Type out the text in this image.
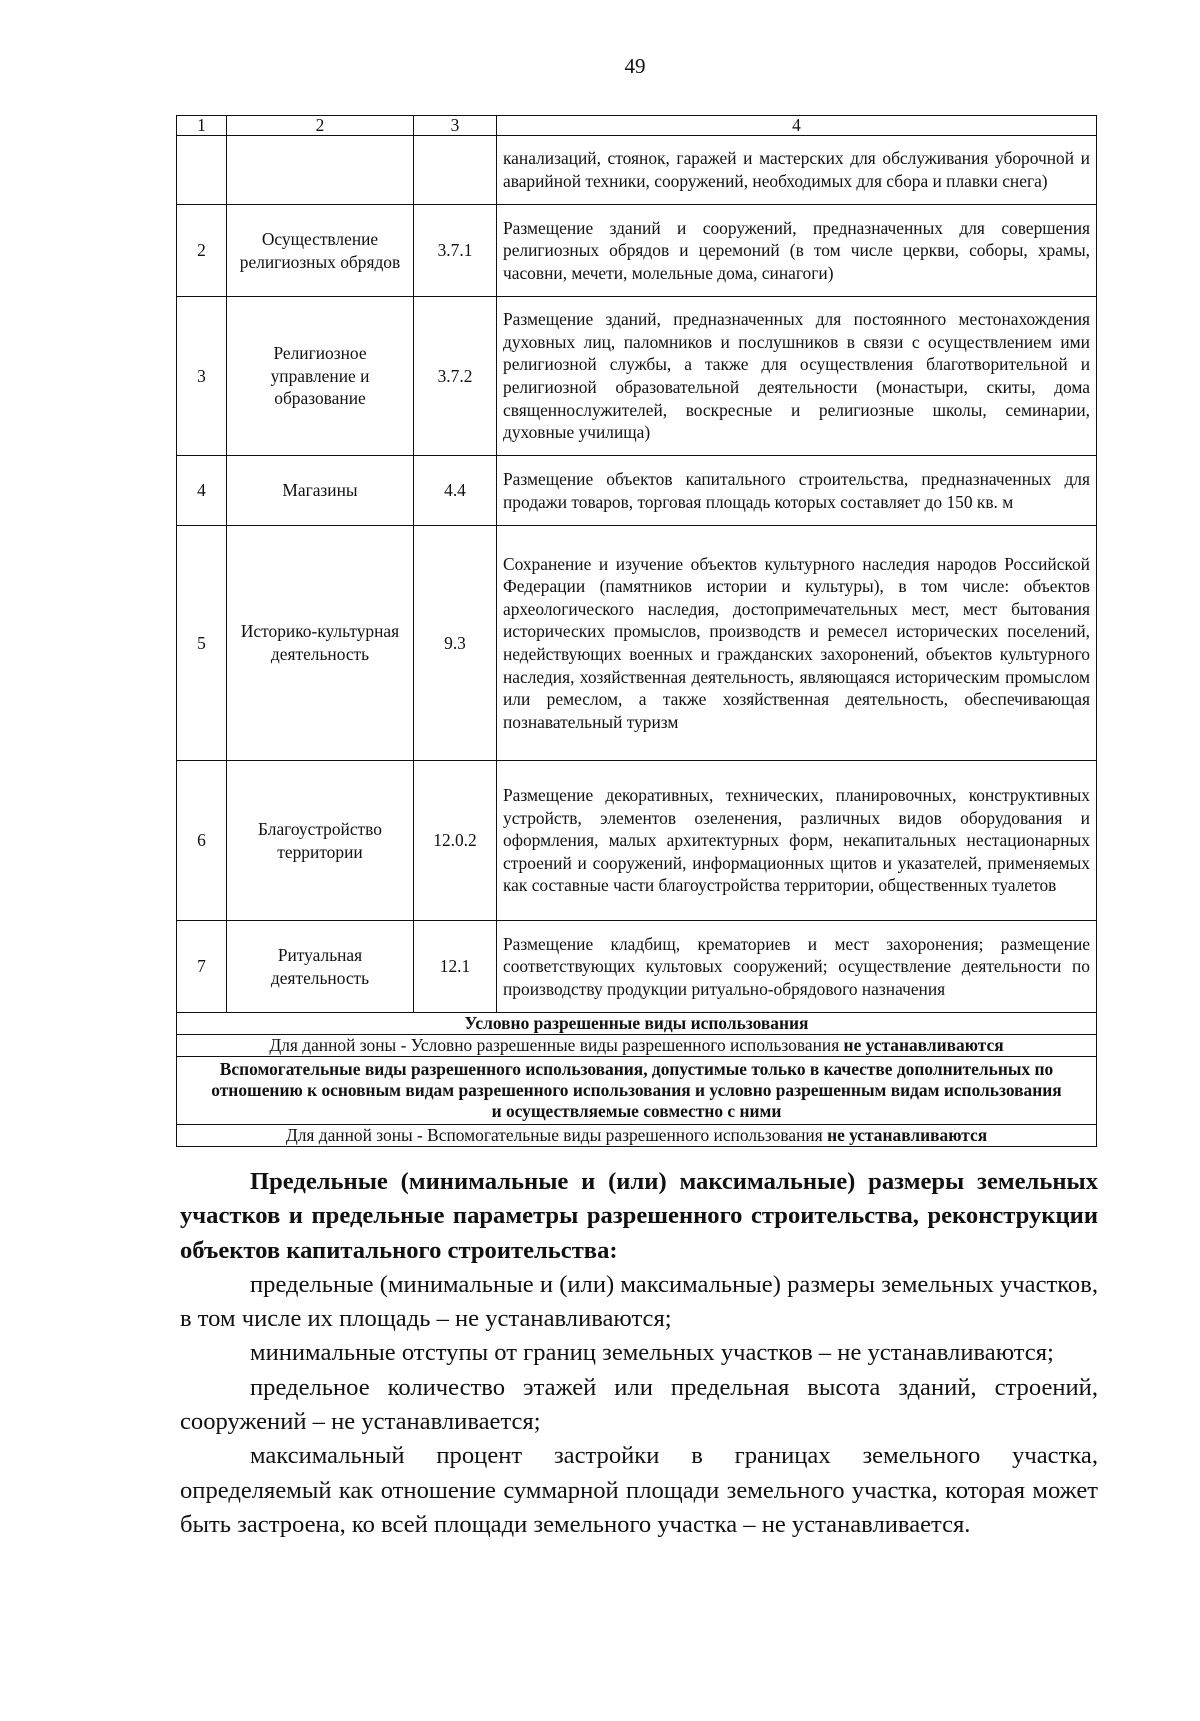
49
1	2	3	4
			канализаций, стоянок, гаражей и мастерских для обслуживания уборочной и аварийной техники, сооружений, необходимых для сбора и плавки снега)
2	Осуществление религиозных обрядов	3.7.1	Размещение зданий и сооружений, предназначенных для совершения религиозных обрядов и церемоний (в том числе церкви, соборы, храмы, часовни, мечети, молельные дома, синагоги)
3	Религиозное управление и образование	3.7.2	Размещение зданий, предназначенных для постоянного местонахождения духовных лиц, паломников и послушников в связи с осуществлением ими религиозной службы, а также для осуществления благотворительной и религиозной образовательной деятельности (монастыри, скиты, дома священнослужителей, воскресные и религиозные школы, семинарии, духовные училища)
4	Магазины	4.4	Размещение объектов капитального строительства, предназначенных для продажи товаров, торговая площадь которых составляет до 150 кв. м
5	Историко-культурная деятельность	9.3	Сохранение и изучение объектов культурного наследия народов Российской Федерации (памятников истории и культуры), в том числе: объектов археологического наследия, достопримечательных мест, мест бытования исторических промыслов, производств и ремесел исторических поселений, недействующих военных и гражданских захоронений, объектов культурного наследия, хозяйственная деятельность, являющаяся историческим промыслом или ремеслом, а также хозяйственная деятельность, обеспечивающая познавательный туризм
6	Благоустройство территории	12.0.2	Размещение декоративных, технических, планировочных, конструктивных устройств, элементов озеленения, различных видов оборудования и оформления, малых архитектурных форм, некапитальных нестационарных строений и сооружений, информационных щитов и указателей, применяемых как составные части благоустройства территории, общественных туалетов
7	Ритуальная деятельность	12.1	Размещение кладбищ, крематориев и мест захоронения; размещение соответствующих культовых сооружений; осуществление деятельности по производству продукции ритуально-обрядового назначения
Условно разрешенные виды использования			
Для данной зоны - Условно разрешенные виды разрешенного использования не устанавливаются			
Вспомогательные виды разрешенного использования, допустимые только в качестве дополнительных по отношению к основным видам разрешенного использования и условно разрешенным видам использования и осуществляемые совместно с ними			
Для данной зоны - Вспомогательные виды разрешенного использования не устанавливаются			

Предельные (минимальные и (или) максимальные) размеры земельных участков и предельные параметры разрешенного строительства, реконструкции объектов капитального строительства:

предельные (минимальные и (или) максимальные) размеры земельных участков, в том числе их площадь – не устанавливаются;

минимальные отступы от границ земельных участков – не устанавливаются;

предельное количество этажей или предельная высота зданий, строений, сооружений – не устанавливается;

максимальный процент застройки в границах земельного участка, определяемый как отношение суммарной площади земельного участка, которая может быть застроена, ко всей площади земельного участка – не устанавливается.
